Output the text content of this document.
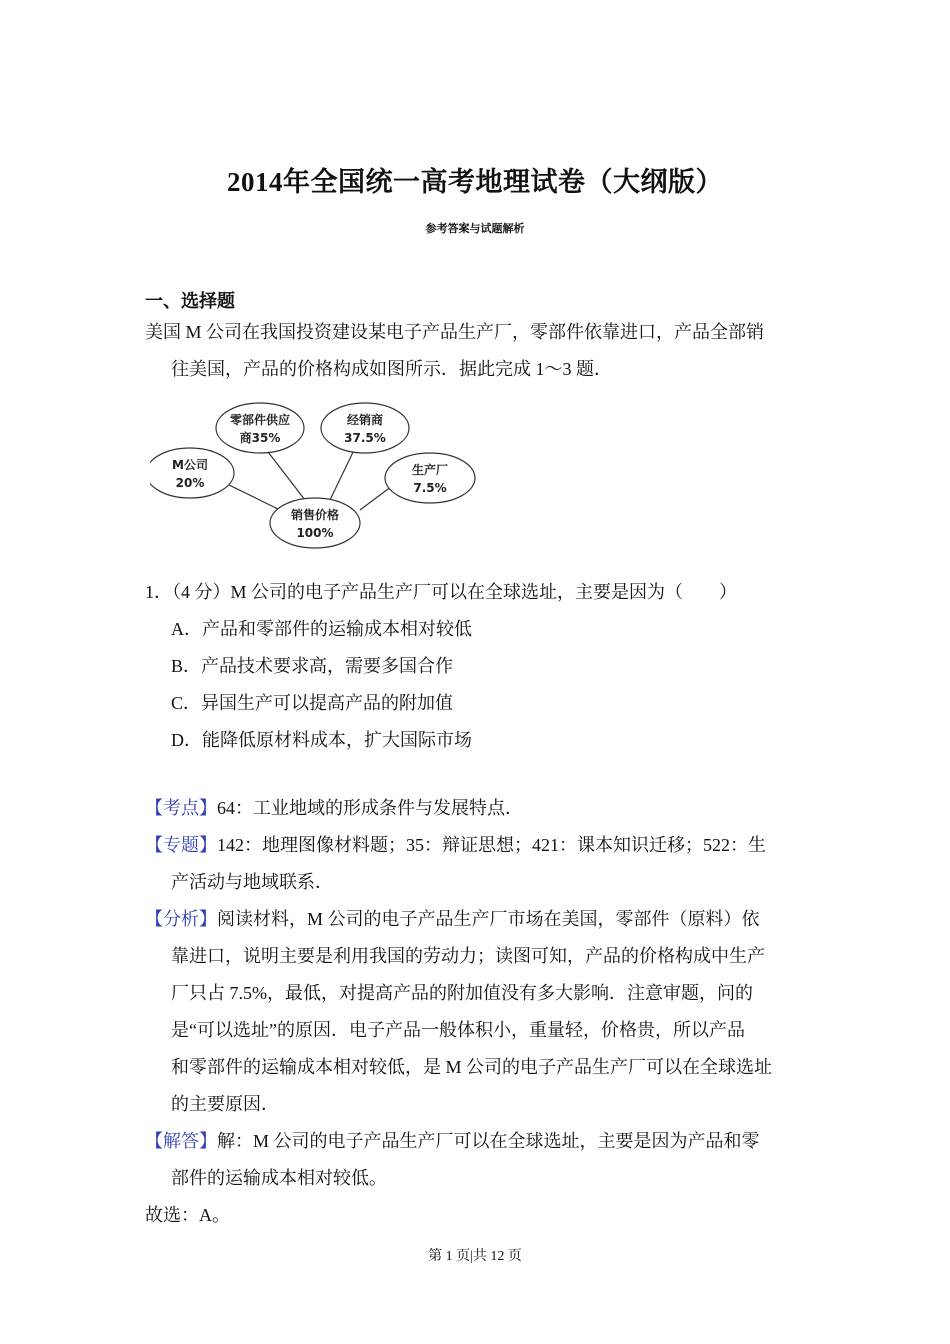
2014年全国统一高考地理试卷（大纲版）
参考答案与试题解析
一、选择题
美国 M 公司在我国投资建设某电子产品生产厂，零部件依靠进口，产品全部销
往美国，产品的价格构成如图所示．据此完成 1～3 题．
M公司
20%
零部件供应
商35%
经销商
37.5%
生产厂
7.5%
销售价格
100%
1．（4 分）M 公司的电子产品生产厂可以在全球选址，主要是因为（　　）
A．产品和零部件的运输成本相对较低
B．产品技术要求高，需要多国合作
C．异国生产可以提高产品的附加值
D．能降低原材料成本，扩大国际市场
【考点】64：工业地域的形成条件与发展特点．
【专题】142：地理图像材料题；35：辩证思想；421：课本知识迁移；522：生
产活动与地域联系．
【分析】阅读材料，M 公司的电子产品生产厂市场在美国，零部件（原料）依
靠进口，说明主要是利用我国的劳动力；读图可知，产品的价格构成中生产
厂只占 7.5%，最低，对提高产品的附加值没有多大影响．注意审题，问的
是“可以选址”的原因．电子产品一般体积小，重量轻，价格贵，所以产品
和零部件的运输成本相对较低，是 M 公司的电子产品生产厂可以在全球选址
的主要原因．
【解答】解：M 公司的电子产品生产厂可以在全球选址，主要是因为产品和零
部件的运输成本相对较低。
故选：A。
第 1 页|共 12 页
